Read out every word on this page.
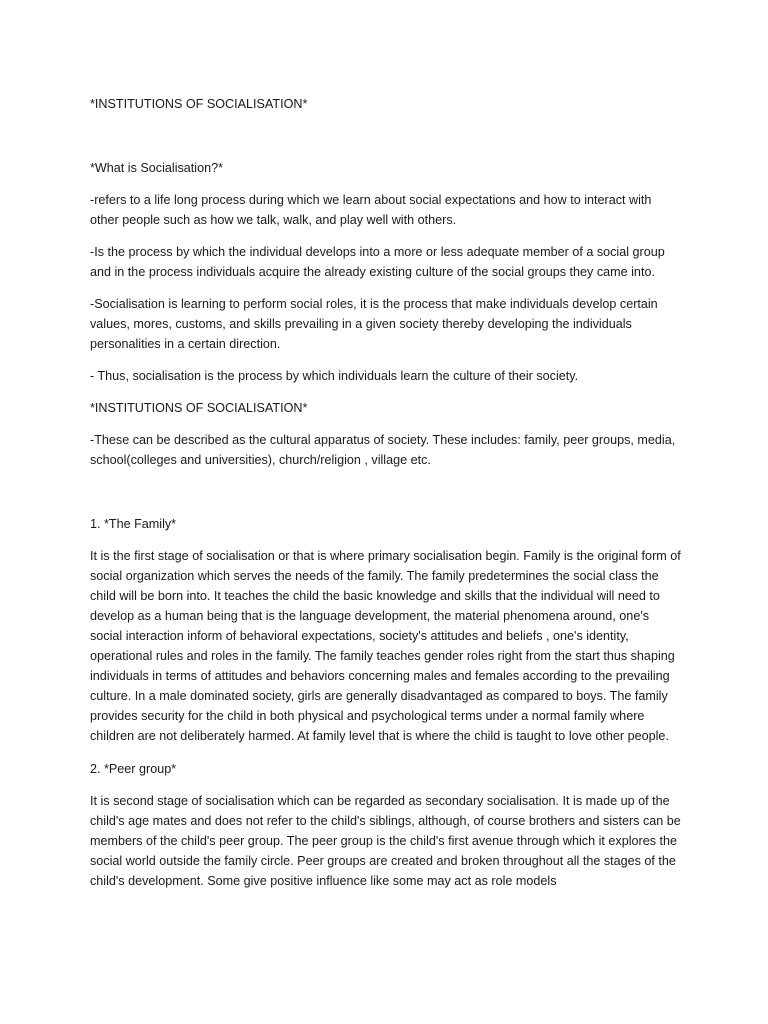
*INSTITUTIONS OF SOCIALISATION*

*What is Socialisation?*

-refers to a life long process during which we learn about social expectations and how to interact with other people such as how we talk, walk, and play well with others.

-Is the process by which the individual develops into a more or less adequate member of a social group and in the process individuals acquire the already existing culture of the social groups they came into.

-Socialisation is learning to perform social roles, it is the process that make individuals develop certain values, mores, customs, and skills prevailing in a given society thereby developing the individuals personalities in a certain direction.

- Thus, socialisation is the process by which individuals learn the culture of their society.

*INSTITUTIONS OF SOCIALISATION*

-These can be described as the cultural apparatus of society. These includes: family, peer groups, media, school(colleges and universities), church/religion , village etc.

1. *The Family*

It is the first stage of socialisation or that is where primary socialisation begin. Family is the original form of social organization which serves the needs of the family. The family predetermines the social class the child will be born into. It teaches the child the basic knowledge and skills that the individual will need to develop as a human being that is the language development, the material phenomena around, one's social interaction inform of behavioral expectations, society's attitudes and beliefs , one's identity, operational rules and roles in the family. The family teaches gender roles right from the start thus shaping individuals in terms of attitudes and behaviors concerning males and females according to the prevailing culture. In a male dominated society, girls are generally disadvantaged as compared to boys. The family provides security for the child in both physical and psychological terms under a normal family where children are not deliberately harmed. At family level that is where the child is taught to love other people.

2. *Peer group*

It is second stage of socialisation which can be regarded as secondary socialisation. It is made up of the child's age mates and does not refer to the child's siblings, although, of course brothers and sisters can be members of the child's peer group. The peer group is the child's first avenue through which it explores the social world outside the family circle. Peer groups are created and broken throughout all the stages of the child's development. Some give positive influence like some may act as role models
